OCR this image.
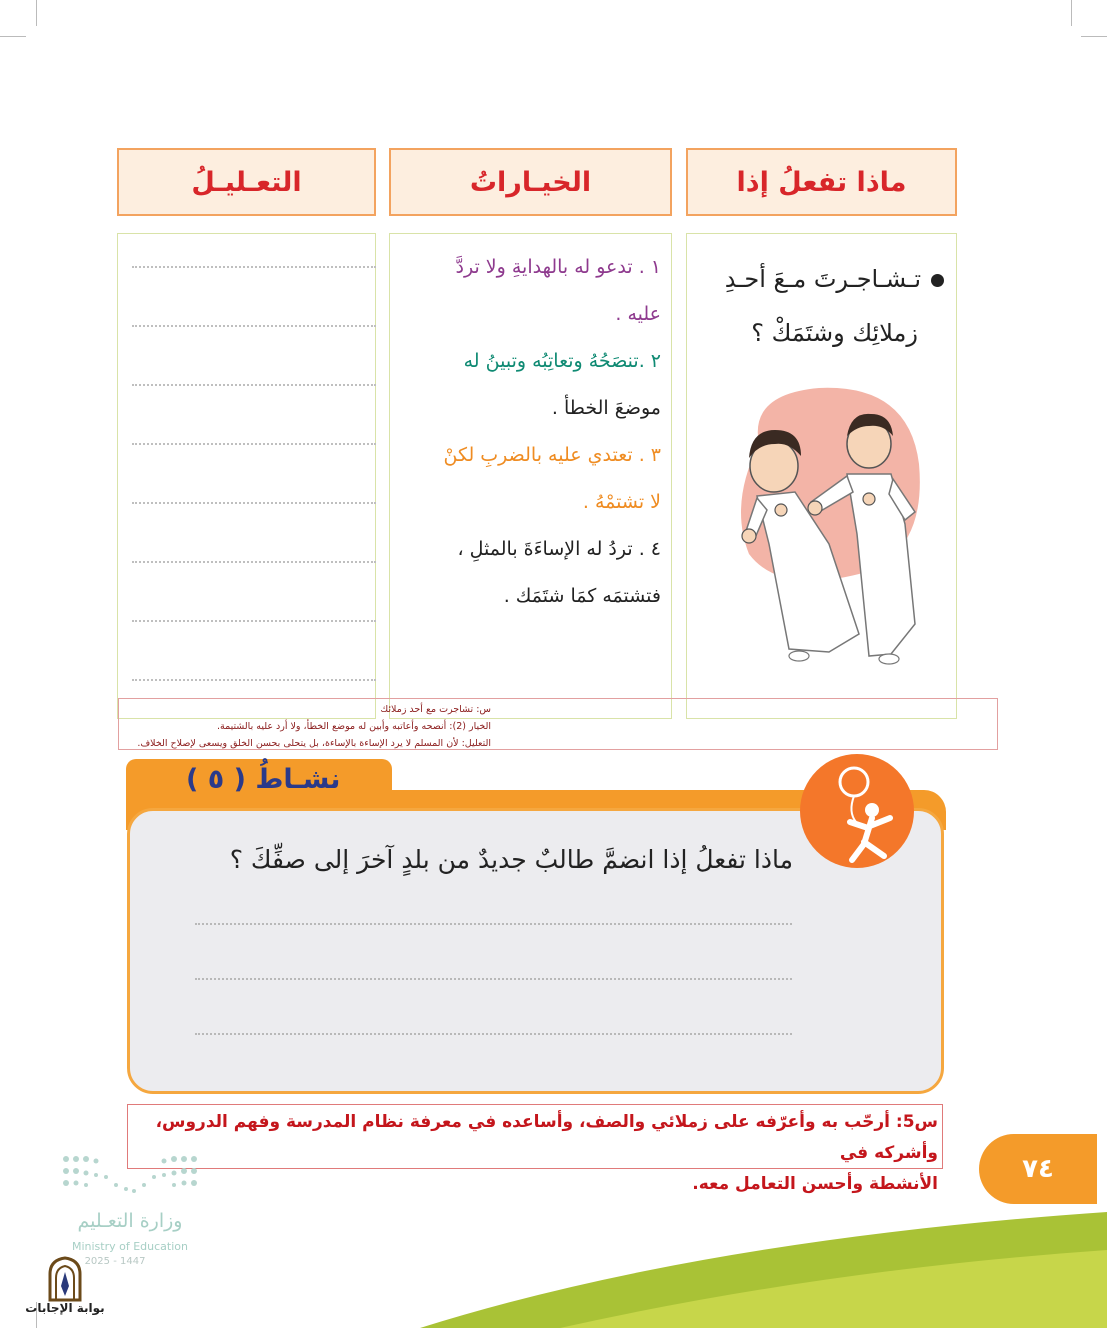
ماذا تفعلُ إذا
الخيـاراتُ
التعـليـلُ
تـشـاجـرتَ مـعَ أحـدِ
زملائِك وشتَمَكْ ؟
١ . تدعو له بالهدايةِ ولا تردَّ
عليه .
٢ .تنصَحُهُ وتعاتِبُه وتبينُ له
موضعَ الخطأ .
٣ . تعتدي عليه بالضربِ لكنْ
لا تشتمْهُ .
٤ . تردُ له الإساءَةَ بالمثلِ ،
فتشتمَه كمَا شتَمَك .
س: تشاجرت مع أحد زملائك
الخيار (2): أنصحه وأعاتبه وأبين له موضع الخطأ، ولا أرد عليه بالشتيمة.
التعليل: لأن المسلم لا يرد الإساءة بالإساءة، بل يتحلى بحسن الخلق ويسعى لإصلاح الخلاف.
نشـاطُ ( ٥ )
ماذا تفعلُ إذا انضمَّ طالبٌ جديدٌ من بلدٍ آخرَ إلى صفِّكَ ؟
س5: أرحّب به وأعرّفه على زملائي والصف، وأساعده في معرفة نظام المدرسة وفهم الدروس، وأشركه في
الأنشطة وأحسن التعامل معه.	٧٤
وزارة التعـليم
Ministry of Education
2025 - 1447
بوابة الإجابات
